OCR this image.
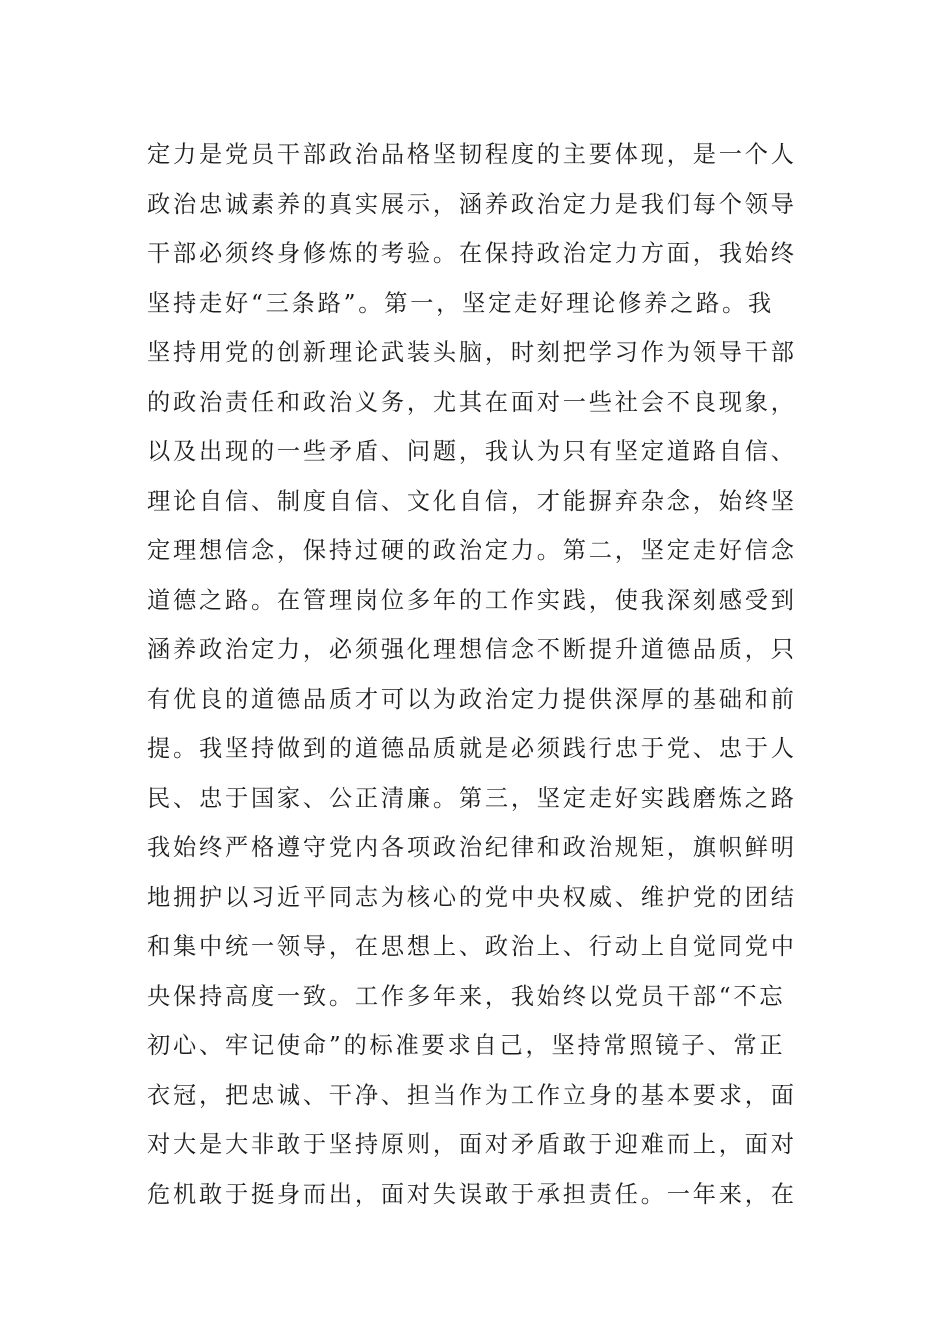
定力是党员干部政治品格坚韧程度的主要体现，是一个人
政治忠诚素养的真实展示，涵养政治定力是我们每个领导
干部必须终身修炼的考验。在保持政治定力方面，我始终
坚持走好“三条路”。第一，坚定走好理论修养之路。我
坚持用党的创新理论武装头脑，时刻把学习作为领导干部
的政治责任和政治义务，尤其在面对一些社会不良现象，
以及出现的一些矛盾、问题，我认为只有坚定道路自信、
理论自信、制度自信、文化自信，才能摒弃杂念，始终坚
定理想信念，保持过硬的政治定力。第二，坚定走好信念
道德之路。在管理岗位多年的工作实践，使我深刻感受到
涵养政治定力，必须强化理想信念不断提升道德品质，只
有优良的道德品质才可以为政治定力提供深厚的基础和前
提。我坚持做到的道德品质就是必须践行忠于党、忠于人
民、忠于国家、公正清廉。第三，坚定走好实践磨炼之路
我始终严格遵守党内各项政治纪律和政治规矩，旗帜鲜明
地拥护以习近平同志为核心的党中央权威、维护党的团结
和集中统一领导，在思想上、政治上、行动上自觉同党中
央保持高度一致。工作多年来，我始终以党员干部“不忘
初心、牢记使命”的标准要求自己，坚持常照镜子、常正
衣冠，把忠诚、干净、担当作为工作立身的基本要求，面
对大是大非敢于坚持原则，面对矛盾敢于迎难而上，面对
危机敢于挺身而出，面对失误敢于承担责任。一年来，在
